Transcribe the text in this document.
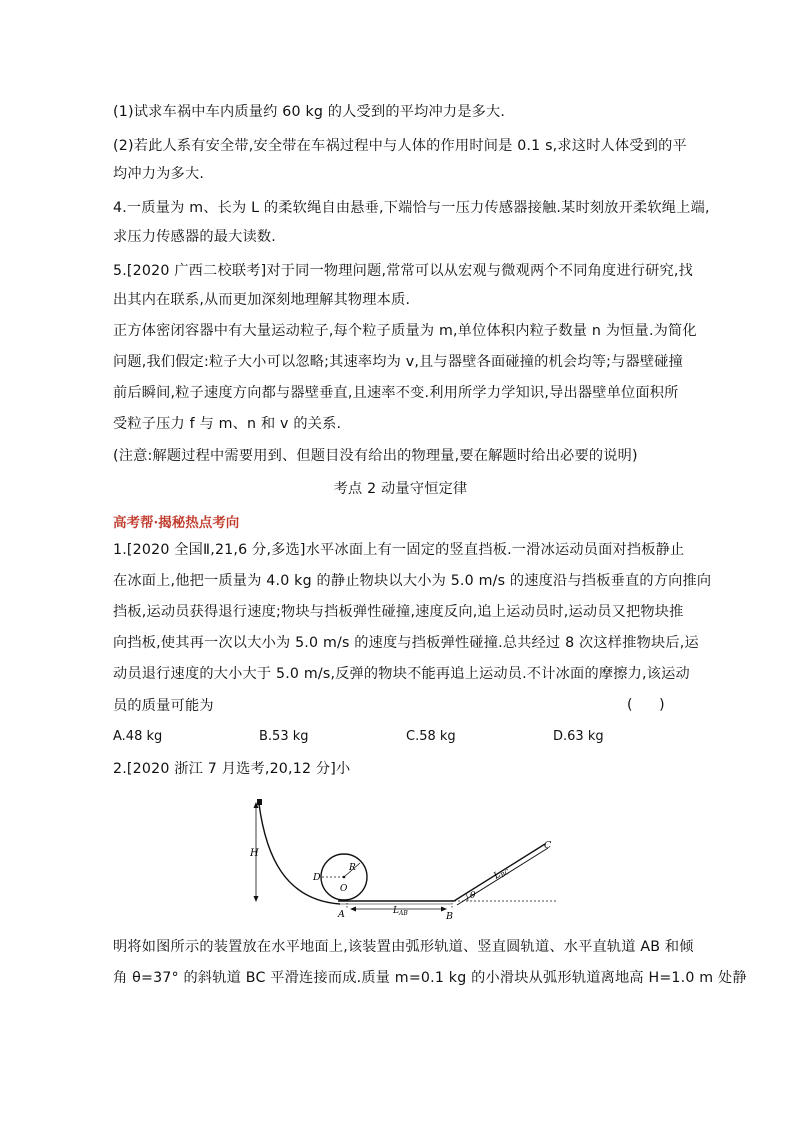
(1)试求车祸中车内质量约 60 kg 的人受到的平均冲力是多大.
(2)若此人系有安全带,安全带在车祸过程中与人体的作用时间是 0.1 s,求这时人体受到的平
均冲力为多大.
4.一质量为 m、长为 L 的柔软绳自由悬垂,下端恰与一压力传感器接触.某时刻放开柔软绳上端,
求压力传感器的最大读数.
5.[2020 广西二校联考]对于同一物理问题,常常可以从宏观与微观两个不同角度进行研究,找
出其内在联系,从而更加深刻地理解其物理本质.
正方体密闭容器中有大量运动粒子,每个粒子质量为 m,单位体积内粒子数量 n 为恒量.为简化
问题,我们假定:粒子大小可以忽略;其速率均为 v,且与器壁各面碰撞的机会均等;与器壁碰撞
前后瞬间,粒子速度方向都与器壁垂直,且速率不变.利用所学力学知识,导出器壁单位面积所
受粒子压力 f 与 m、n 和 v 的关系.
(注意:解题过程中需要用到、但题目没有给出的物理量,要在解题时给出必要的说明)
考点 2 动量守恒定律
高考帮·揭秘热点考向
1.[2020 全国Ⅱ,21,6 分,多选]水平冰面上有一固定的竖直挡板.一滑冰运动员面对挡板静止
在冰面上,他把一质量为 4.0 kg 的静止物块以大小为 5.0 m/s 的速度沿与挡板垂直的方向推向
挡板,运动员获得退行速度;物块与挡板弹性碰撞,速度反向,追上运动员时,运动员又把物块推
向挡板,使其再一次以大小为 5.0 m/s 的速度与挡板弹性碰撞.总共经过 8 次这样推物块后,运
动员退行速度的大小大于 5.0 m/s,反弹的物块不能再追上运动员.不计冰面的摩擦力,该运动
员的质量可能为	(      )
A.48 kg	B.53 kg	C.58 kg	D.63 kg
2.[2020 浙江 7 月选考,20,12 分]小
H
D
R
O
A	B
$L_{AB}$
θ
C
$L_{BC}$
明将如图所示的装置放在水平地面上,该装置由弧形轨道、竖直圆轨道、水平直轨道 AB 和倾
角 θ=37° 的斜轨道 BC 平滑连接而成.质量 m=0.1 kg 的小滑块从弧形轨道离地高 H=1.0 m 处静
